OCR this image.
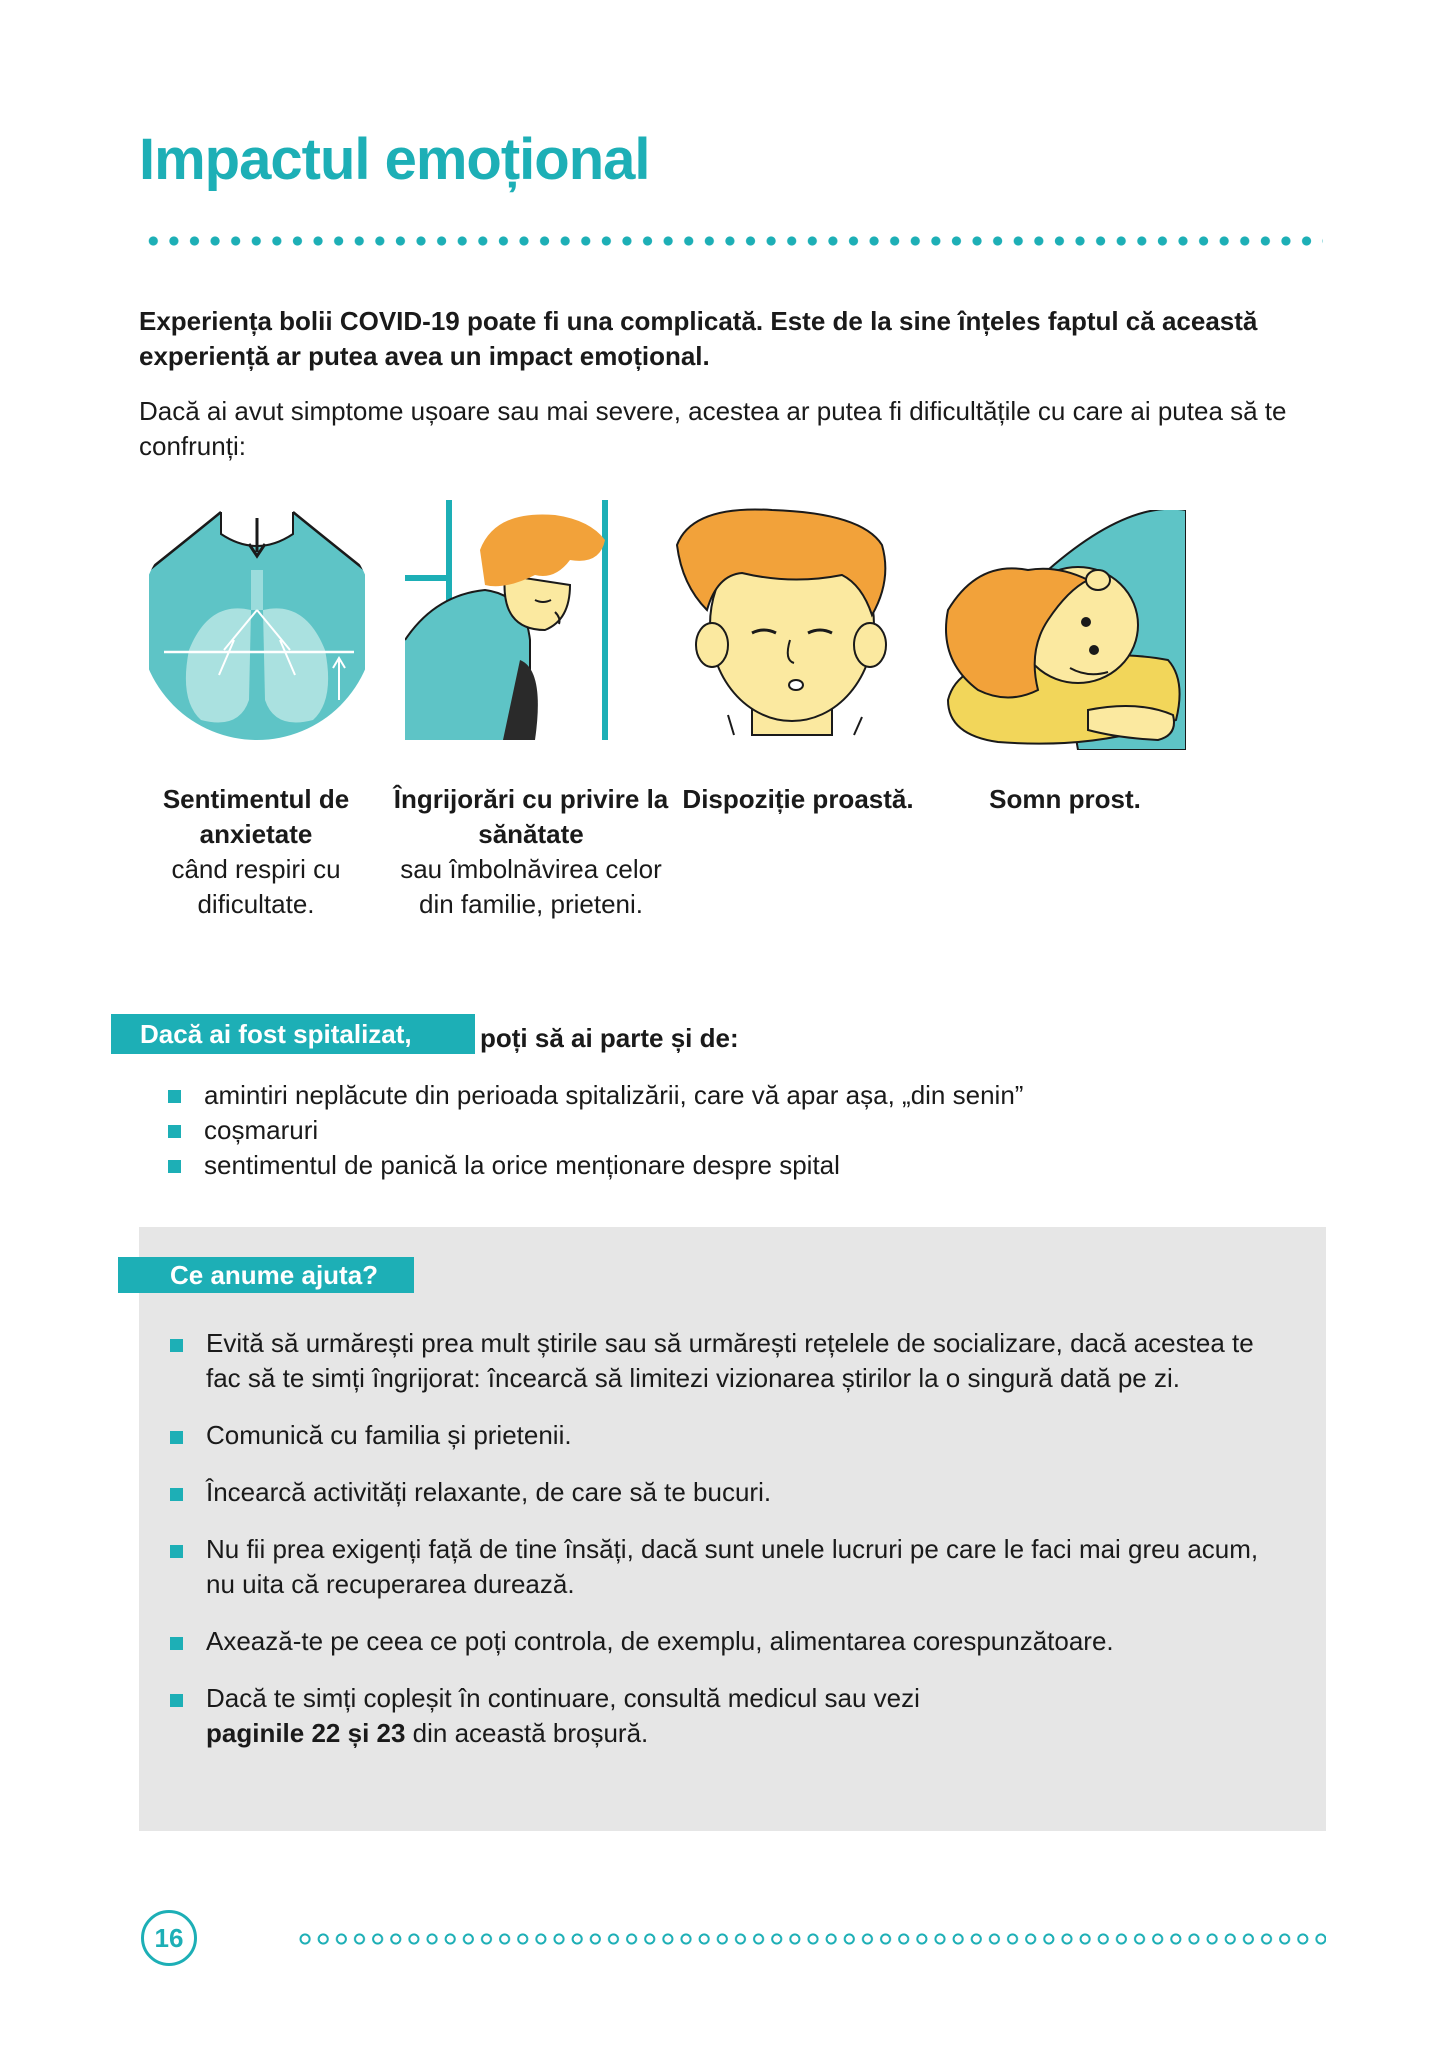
Impactul emoțional

Experiența bolii COVID-19 poate fi una complicată. Este de la sine înțeles faptul că această experiență ar putea avea un impact emoțional.

Dacă ai avut simptome ușoare sau mai severe, acestea ar putea fi dificultățile cu care ai putea să te confrunți:

Sentimentul de anxietate
când respiri cu dificultate.
Îngrijorări cu privire la sănătate
sau îmbolnăvirea celor din familie, prieteni.
Dispoziție proastă.	Somn prost.
Dacă ai fost spitalizat,	poți să ai parte și de:
amintiri neplăcute din perioada spitalizării, care vă apar așa, „din senin”
coșmaruri
sentimentul de panică la orice menționare despre spital
Ce anume ajuta?
Evită să urmărești prea mult știrile sau să urmărești rețelele de socializare, dacă acestea te fac să te simți îngrijorat: încearcă să limitezi vizionarea știrilor la o singură dată pe zi.
Comunică cu familia și prietenii.
Încearcă activități relaxante, de care să te bucuri.
Nu fii prea exigenți față de tine însăți, dacă sunt unele lucruri pe care le faci mai greu acum, nu uita că recuperarea durează.
Axează-te pe ceea ce poți controla, de exemplu, alimentarea corespunzătoare.
Dacă te simți copleșit în continuare, consultă medicul sau vezi
paginile 22 și 23 din această broșură.
16
